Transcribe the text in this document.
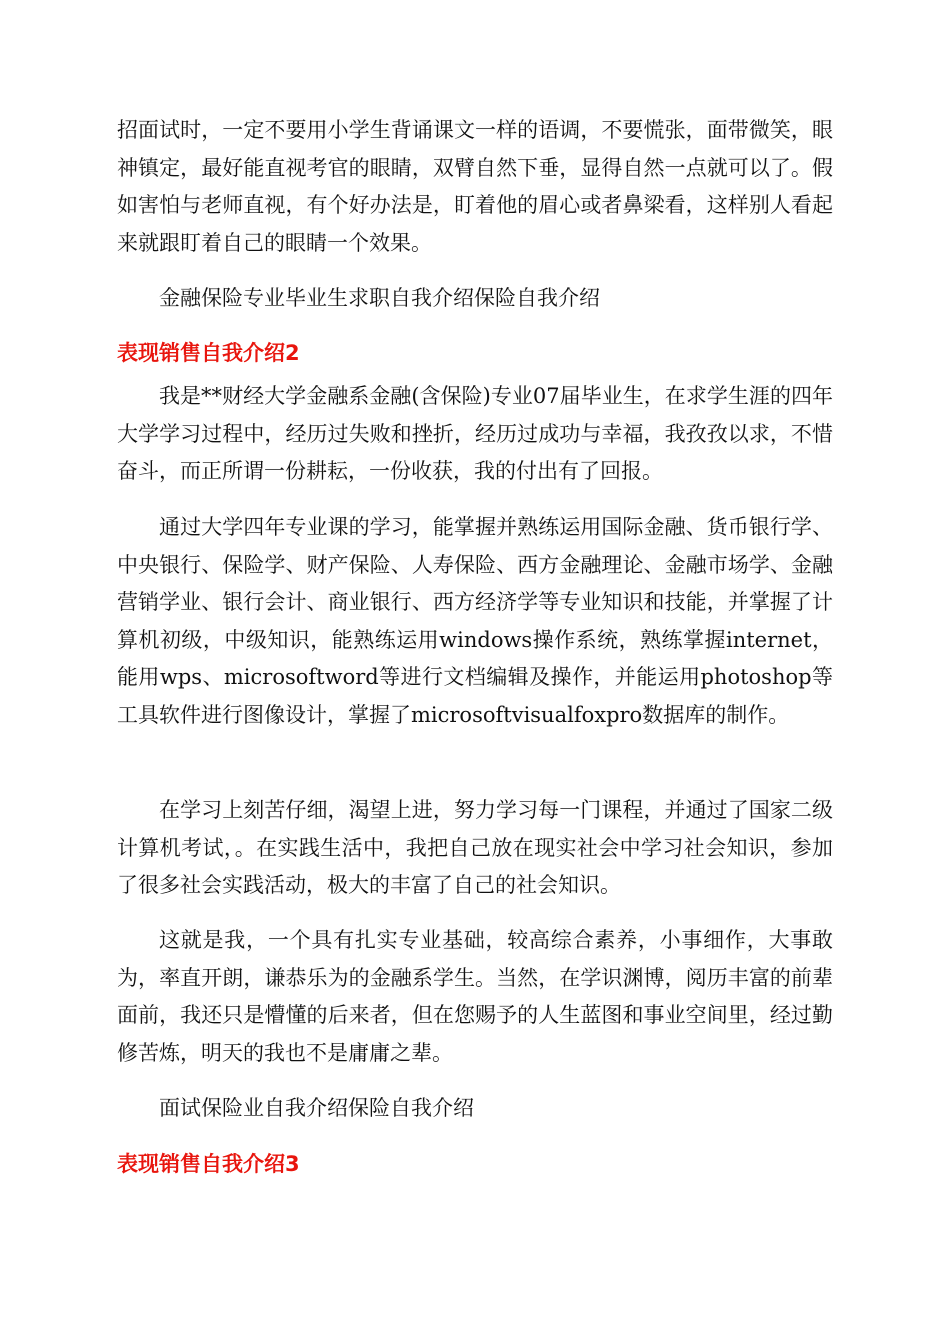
招面试时，一定不要用小学生背诵课文一样的语调，不要慌张，面带微笑，眼神镇定，最好能直视考官的眼睛，双臂自然下垂，显得自然一点就可以了。假如害怕与老师直视，有个好办法是，盯着他的眉心或者鼻梁看，这样别人看起来就跟盯着自己的眼睛一个效果。

金融保险专业毕业生求职自我介绍保险自我介绍

表现销售自我介绍2

我是**财经大学金融系金融(含保险)专业07届毕业生，在求学生涯的四年大学学习过程中，经历过失败和挫折，经历过成功与幸福，我孜孜以求，不惜奋斗，而正所谓一份耕耘，一份收获，我的付出有了回报。

通过大学四年专业课的学习，能掌握并熟练运用国际金融、货币银行学、中央银行、保险学、财产保险、人寿保险、西方金融理论、金融市场学、金融营销学业、银行会计、商业银行、西方经济学等专业知识和技能，并掌握了计算机初级，中级知识，能熟练运用windows操作系统，熟练掌握internet，能用wps、microsoftword等进行文档编辑及操作，并能运用photoshop等工具软件进行图像设计，掌握了microsoftvisualfoxpro数据库的制作。

在学习上刻苦仔细，渴望上进，努力学习每一门课程，并通过了国家二级计算机考试，。在实践生活中，我把自己放在现实社会中学习社会知识，参加了很多社会实践活动，极大的丰富了自己的社会知识。

这就是我，一个具有扎实专业基础，较高综合素养，小事细作，大事敢为，率直开朗，谦恭乐为的金融系学生。当然，在学识渊博，阅历丰富的前辈面前，我还只是懵懂的后来者，但在您赐予的人生蓝图和事业空间里，经过勤修苦炼，明天的我也不是庸庸之辈。

面试保险业自我介绍保险自我介绍

表现销售自我介绍3
